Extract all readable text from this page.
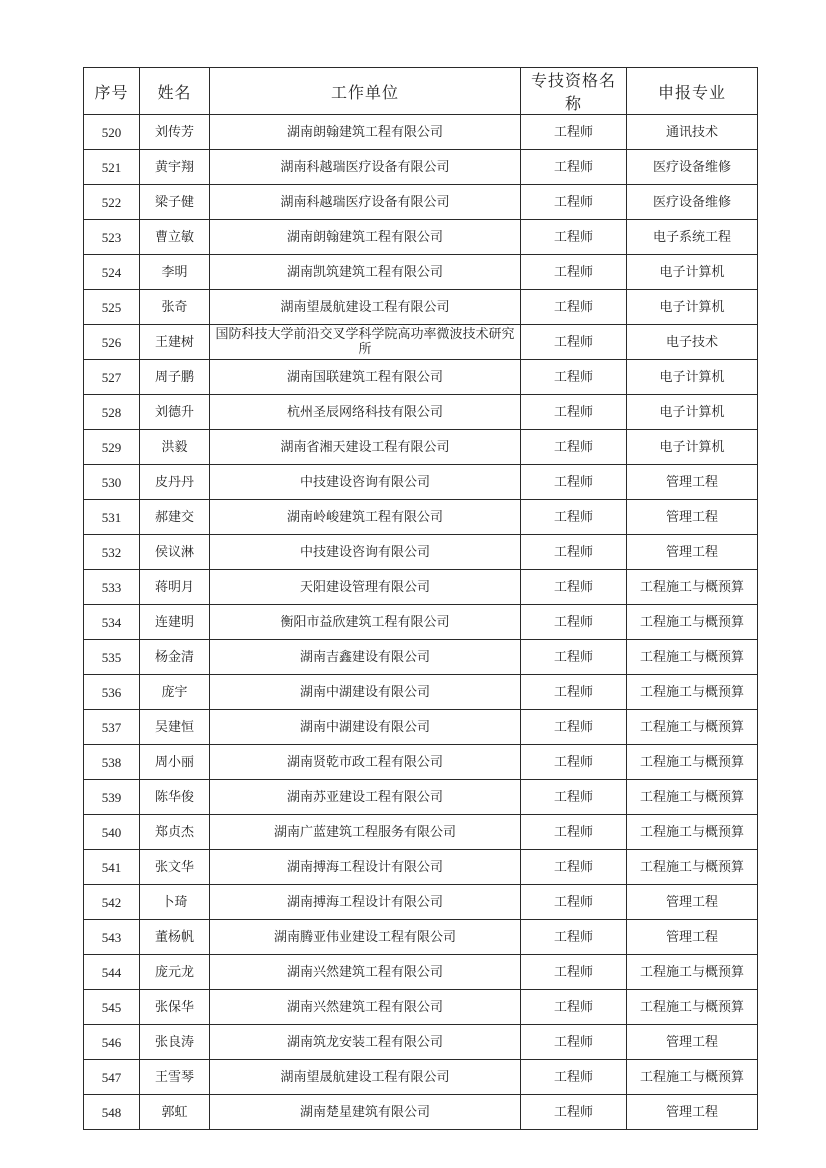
序号	姓名	工作单位	专技资格名称	申报专业
520	刘传芳	湖南朗翰建筑工程有限公司	工程师	通讯技术
521	黄宇翔	湖南科越瑞医疗设备有限公司	工程师	医疗设备维修
522	梁子健	湖南科越瑞医疗设备有限公司	工程师	医疗设备维修
523	曹立敏	湖南朗翰建筑工程有限公司	工程师	电子系统工程
524	李明	湖南凯筑建筑工程有限公司	工程师	电子计算机
525	张奇	湖南望晟航建设工程有限公司	工程师	电子计算机
526	王建树	国防科技大学前沿交叉学科学院高功率微波技术研究所	工程师	电子技术
527	周子鹏	湖南国联建筑工程有限公司	工程师	电子计算机
528	刘德升	杭州圣辰网络科技有限公司	工程师	电子计算机
529	洪毅	湖南省湘天建设工程有限公司	工程师	电子计算机
530	皮丹丹	中技建设咨询有限公司	工程师	管理工程
531	郝建交	湖南岭峻建筑工程有限公司	工程师	管理工程
532	侯议淋	中技建设咨询有限公司	工程师	管理工程
533	蒋明月	天阳建设管理有限公司	工程师	工程施工与概预算
534	连建明	衡阳市益欣建筑工程有限公司	工程师	工程施工与概预算
535	杨金清	湖南吉鑫建设有限公司	工程师	工程施工与概预算
536	庞宇	湖南中湖建设有限公司	工程师	工程施工与概预算
537	吴建恒	湖南中湖建设有限公司	工程师	工程施工与概预算
538	周小丽	湖南贤乾市政工程有限公司	工程师	工程施工与概预算
539	陈华俊	湖南苏亚建设工程有限公司	工程师	工程施工与概预算
540	郑贞杰	湖南广蓝建筑工程服务有限公司	工程师	工程施工与概预算
541	张文华	湖南搏海工程设计有限公司	工程师	工程施工与概预算
542	卜琦	湖南搏海工程设计有限公司	工程师	管理工程
543	董杨帆	湖南腾亚伟业建设工程有限公司	工程师	管理工程
544	庞元龙	湖南兴然建筑工程有限公司	工程师	工程施工与概预算
545	张保华	湖南兴然建筑工程有限公司	工程师	工程施工与概预算
546	张良涛	湖南筑龙安装工程有限公司	工程师	管理工程
547	王雪琴	湖南望晟航建设工程有限公司	工程师	工程施工与概预算
548	郭虹	湖南楚星建筑有限公司	工程师	管理工程
